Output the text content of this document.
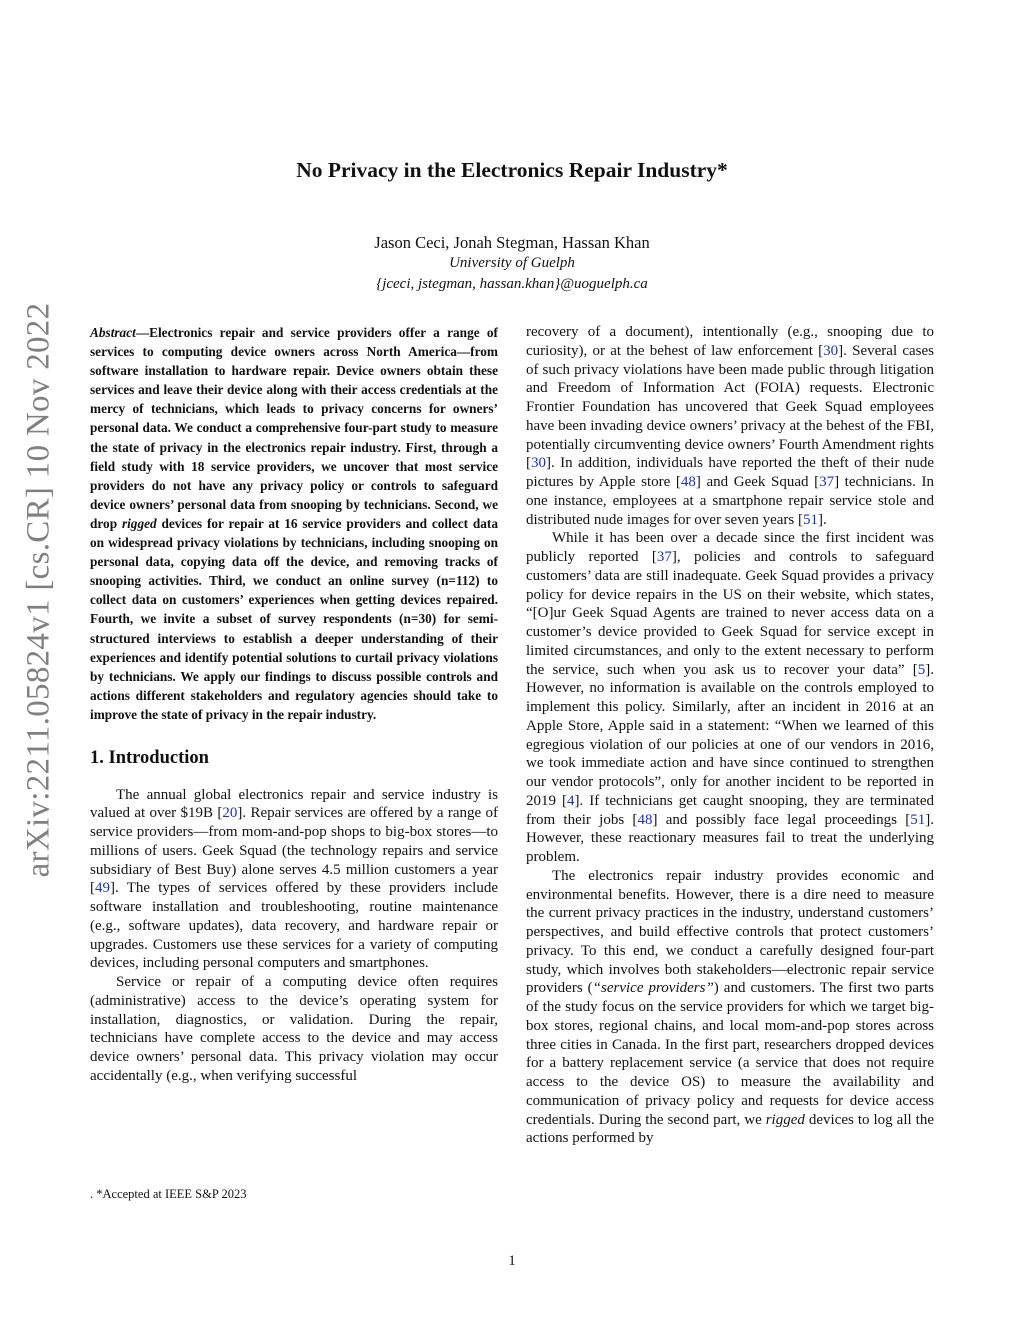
arXiv:2211.05824v1 [cs.CR] 10 Nov 2022
No Privacy in the Electronics Repair Industry*
Jason Ceci, Jonah Stegman, Hassan Khan
University of Guelph
{jceci, jstegman, hassan.khan}@uoguelph.ca

Abstract—Electronics repair and service providers offer a range of services to computing device owners across North America—from software installation to hardware repair. Device owners obtain these services and leave their device along with their access credentials at the mercy of technicians, which leads to privacy concerns for owners’ personal data. We conduct a comprehensive four-part study to measure the state of privacy in the electronics repair industry. First, through a field study with 18 service providers, we uncover that most service providers do not have any privacy policy or controls to safeguard device owners’ personal data from snooping by technicians. Second, we drop rigged devices for repair at 16 service providers and collect data on widespread privacy violations by technicians, including snooping on personal data, copying data off the device, and removing tracks of snooping activities. Third, we conduct an online survey (n=112) to collect data on customers’ experiences when getting devices repaired. Fourth, we invite a subset of survey respondents (n=30) for semi-structured interviews to establish a deeper understanding of their experiences and identify potential solutions to curtail privacy violations by technicians. We apply our findings to discuss possible controls and actions different stakeholders and regulatory agencies should take to improve the state of privacy in the repair industry.

1. Introduction

The annual global electronics repair and service industry is valued at over $19B [20]. Repair services are offered by a range of service providers—from mom-and-pop shops to big-box stores—to millions of users. Geek Squad (the technology repairs and service subsidiary of Best Buy) alone serves 4.5 million customers a year [49]. The types of services offered by these providers include software installation and troubleshooting, routine maintenance (e.g., software updates), data recovery, and hardware repair or upgrades. Customers use these services for a variety of computing devices, including personal computers and smartphones.

Service or repair of a computing device often requires (administrative) access to the device’s operating system for installation, diagnostics, or validation. During the repair, technicians have complete access to the device and may access device owners’ personal data. This privacy violation may occur accidentally (e.g., when verifying successful

recovery of a document), intentionally (e.g., snooping due to curiosity), or at the behest of law enforcement [30]. Several cases of such privacy violations have been made public through litigation and Freedom of Information Act (FOIA) requests. Electronic Frontier Foundation has uncovered that Geek Squad employees have been invading device owners’ privacy at the behest of the FBI, potentially circumventing device owners’ Fourth Amendment rights [30]. In addition, individuals have reported the theft of their nude pictures by Apple store [48] and Geek Squad [37] technicians. In one instance, employees at a smartphone repair service stole and distributed nude images for over seven years [51].

While it has been over a decade since the first incident was publicly reported [37], policies and controls to safeguard customers’ data are still inadequate. Geek Squad provides a privacy policy for device repairs in the US on their website, which states, “[O]ur Geek Squad Agents are trained to never access data on a customer’s device provided to Geek Squad for service except in limited circumstances, and only to the extent necessary to perform the service, such when you ask us to recover your data” [5]. However, no information is available on the controls employed to implement this policy. Similarly, after an incident in 2016 at an Apple Store, Apple said in a statement: “When we learned of this egregious violation of our policies at one of our vendors in 2016, we took immediate action and have since continued to strengthen our vendor protocols”, only for another incident to be reported in 2019 [4]. If technicians get caught snooping, they are terminated from their jobs [48] and possibly face legal proceedings [51]. However, these reactionary measures fail to treat the underlying problem.

The electronics repair industry provides economic and environmental benefits. However, there is a dire need to measure the current privacy practices in the industry, understand customers’ perspectives, and build effective controls that protect customers’ privacy. To this end, we conduct a carefully designed four-part study, which involves both stakeholders—electronic repair service providers (“service providers”) and customers. The first two parts of the study focus on the service providers for which we target big-box stores, regional chains, and local mom-and-pop stores across three cities in Canada. In the first part, researchers dropped devices for a battery replacement service (a service that does not require access to the device OS) to measure the availability and communication of privacy policy and requests for device access credentials. During the second part, we rigged devices to log all the actions performed by

. *Accepted at IEEE S&P 2023
1
